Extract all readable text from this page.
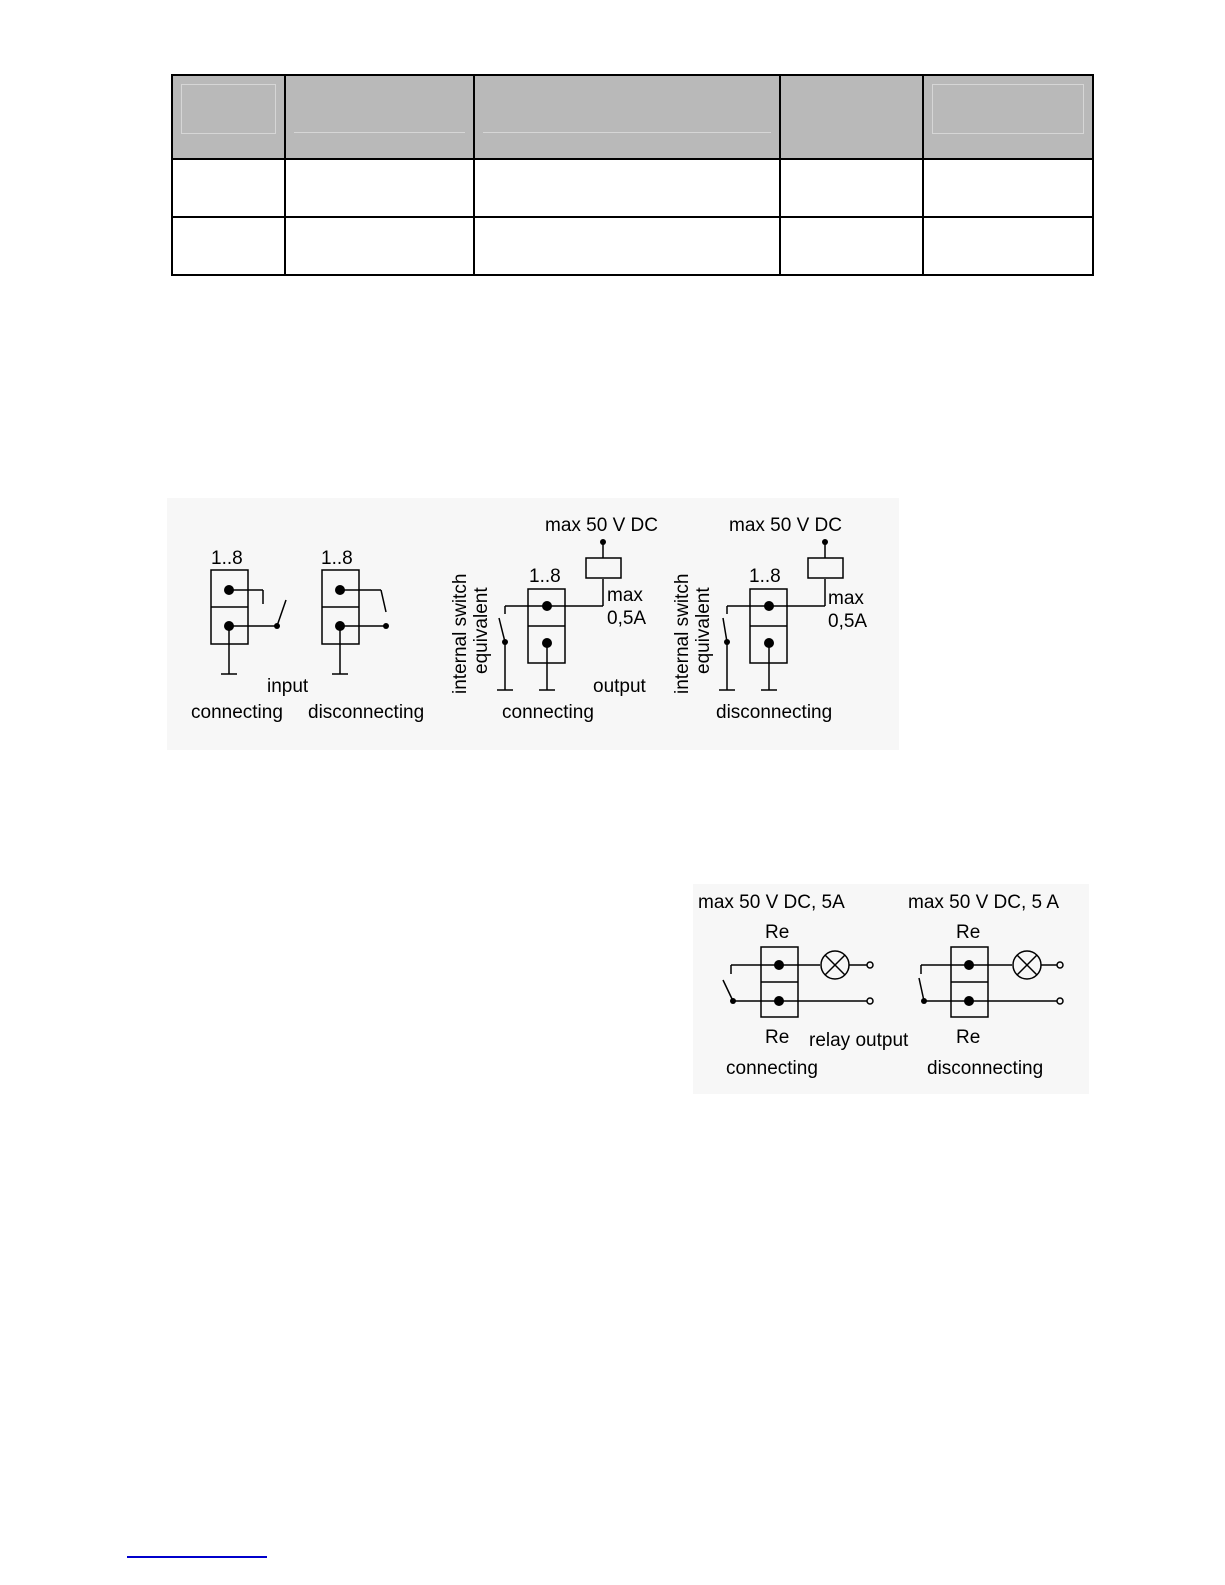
1..8	1..8
input
connecting disconnecting
max 50 V DC	max 50 V DC
1..8	1..8
max
0,5A
max
0,5A
output
connecting	disconnecting
internal switch equivalent	internal switch equivalent
max 50 V DC, 5A	max 50 V DC, 5 A
Re
Re
Re
Re
relay output
connecting	disconnecting
